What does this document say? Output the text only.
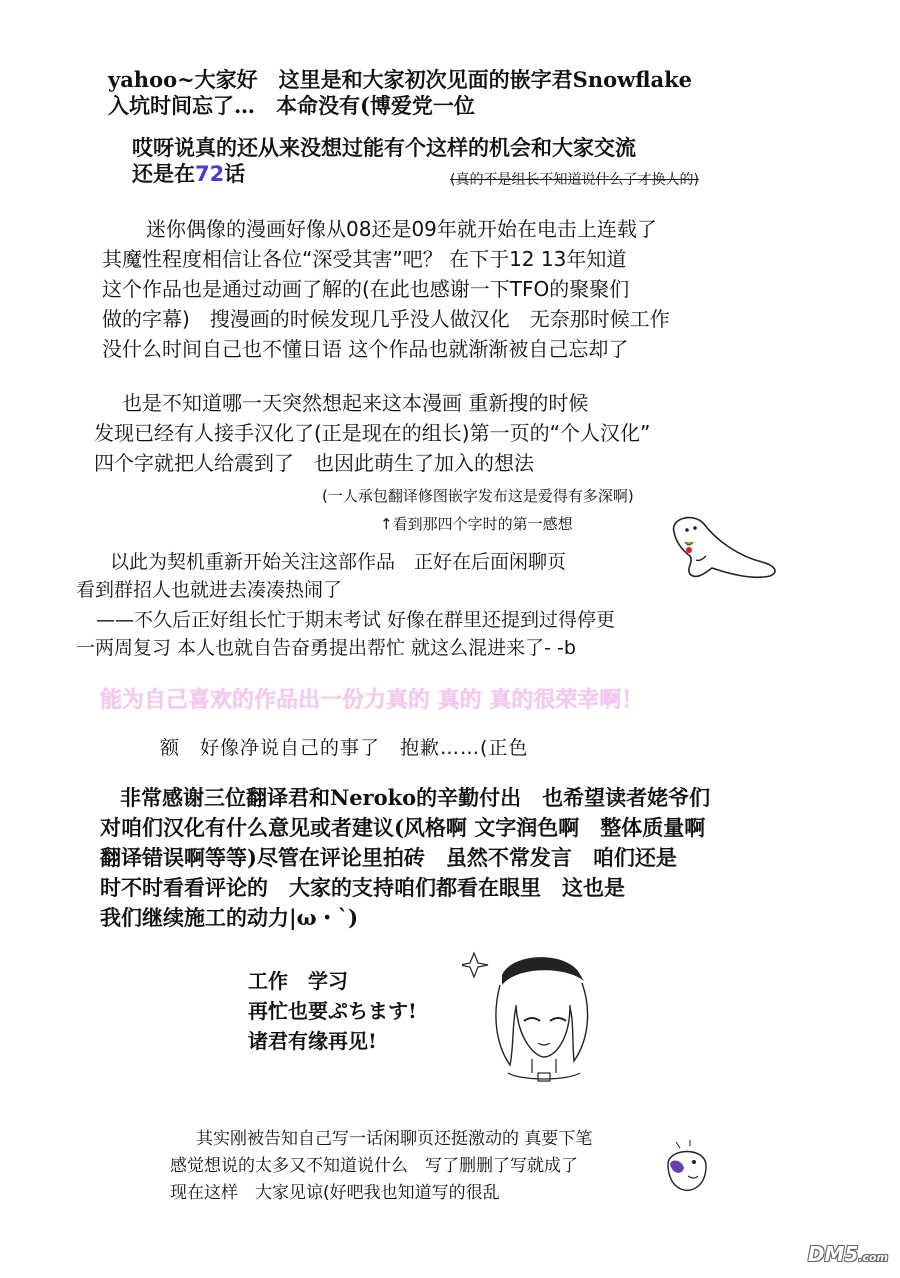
yahoo~大家好　这里是和大家初次见面的嵌字君Snowflake
入坑时间忘了…　本命没有(博爱党一位
哎呀说真的还从来没想过能有个这样的机会和大家交流
还是在72话	(真的不是组长不知道说什么了才换人的)
迷你偶像的漫画好像从08还是09年就开始在电击上连载了
其魔性程度相信让各位“深受其害”吧？ 在下于12 13年知道
这个作品也是通过动画了解的(在此也感谢一下TFO的聚聚们
做的字幕)　搜漫画的时候发现几乎没人做汉化　无奈那时候工作
没什么时间自己也不懂日语 这个作品也就渐渐被自己忘却了
也是不知道哪一天突然想起来这本漫画 重新搜的时候
发现已经有人接手汉化了(正是现在的组长)第一页的“个人汉化”
四个字就把人给震到了　也因此萌生了加入的想法
(一人承包翻译修图嵌字发布这是爱得有多深啊)
↑看到那四个字时的第一感想
以此为契机重新开始关注这部作品　正好在后面闲聊页
看到群招人也就进去凑凑热闹了
——不久后正好组长忙于期末考试 好像在群里还提到过得停更
一两周复习 本人也就自告奋勇提出帮忙 就这么混进来了- -b
能为自己喜欢的作品出一份力真的 真的 真的很荣幸啊！
额　好像净说自己的事了　抱歉……(正色
非常感谢三位翻译君和Neroko的辛勤付出　也希望读者姥爷们
对咱们汉化有什么意见或者建议(风格啊 文字润色啊　整体质量啊
翻译错误啊等等)尽管在评论里拍砖　虽然不常发言　咱们还是
时不时看看评论的　大家的支持咱们都看在眼里　这也是
我们继续施工的动力|ω・`)
工作　学习
再忙也要ぷちます!
诸君有缘再见!
其实刚被告知自己写一话闲聊页还挺激动的 真要下笔
感觉想说的太多又不知道说什么　写了删删了写就成了
现在这样　大家见谅(好吧我也知道写的很乱
DM5.com
